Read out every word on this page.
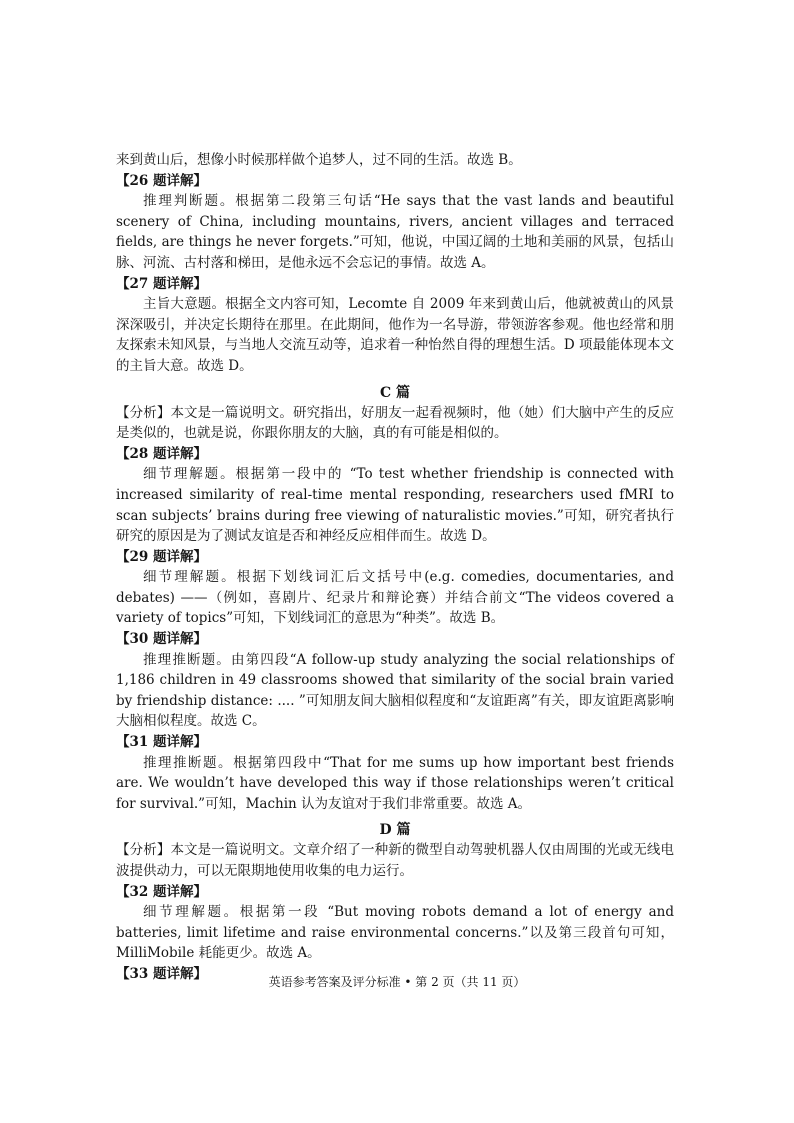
来到黄山后，想像小时候那样做个追梦人，过不同的生活。故选 B。

【26 题详解】

推理判断题。根据第二段第三句话“He says that the vast lands and beautiful scenery of China, including mountains, rivers, ancient villages and terraced fields, are things he never forgets.”可知，他说，中国辽阔的土地和美丽的风景，包括山脉、河流、古村落和梯田，是他永远不会忘记的事情。故选 A。

【27 题详解】

主旨大意题。根据全文内容可知，Lecomte 自 2009 年来到黄山后，他就被黄山的风景深深吸引，并决定长期待在那里。在此期间，他作为一名导游，带领游客参观。他也经常和朋友探索未知风景，与当地人交流互动等，追求着一种怡然自得的理想生活。D 项最能体现本文的主旨大意。故选 D。

C 篇

【分析】本文是一篇说明文。研究指出，好朋友一起看视频时，他（她）们大脑中产生的反应是类似的，也就是说，你跟你朋友的大脑，真的有可能是相似的。

【28 题详解】

细节理解题。根据第一段中的 “To test whether friendship is connected with increased similarity of real-time mental responding, researchers used fMRI to scan subjects’ brains during free viewing of naturalistic movies.”可知，研究者执行研究的原因是为了测试友谊是否和神经反应相伴而生。故选 D。

【29 题详解】

细节理解题。根据下划线词汇后文括号中(e.g. comedies, documentaries, and debates) ——（例如，喜剧片、纪录片和辩论赛）并结合前文“The videos covered a variety of topics”可知，下划线词汇的意思为“种类”。故选 B。

【30 题详解】

推理推断题。由第四段“A follow-up study analyzing the social relationships of 1,186 children in 49 classrooms showed that similarity of the social brain varied by friendship distance: .... ”可知朋友间大脑相似程度和“友谊距离”有关，即友谊距离影响大脑相似程度。故选 C。

【31 题详解】

推理推断题。根据第四段中“That for me sums up how important best friends are. We wouldn’t have developed this way if those relationships weren’t critical for survival.”可知，Machin 认为友谊对于我们非常重要。故选 A。

D 篇

【分析】本文是一篇说明文。文章介绍了一种新的微型自动驾驶机器人仅由周围的光或无线电波提供动力，可以无限期地使用收集的电力运行。

【32 题详解】

细节理解题。根据第一段 “But moving robots demand a lot of energy and batteries, limit lifetime and raise environmental concerns.”以及第三段首句可知，MilliMobile 耗能更少。故选 A。

【33 题详解】

英语参考答案及评分标准 • 第 2 页（共 11 页）
